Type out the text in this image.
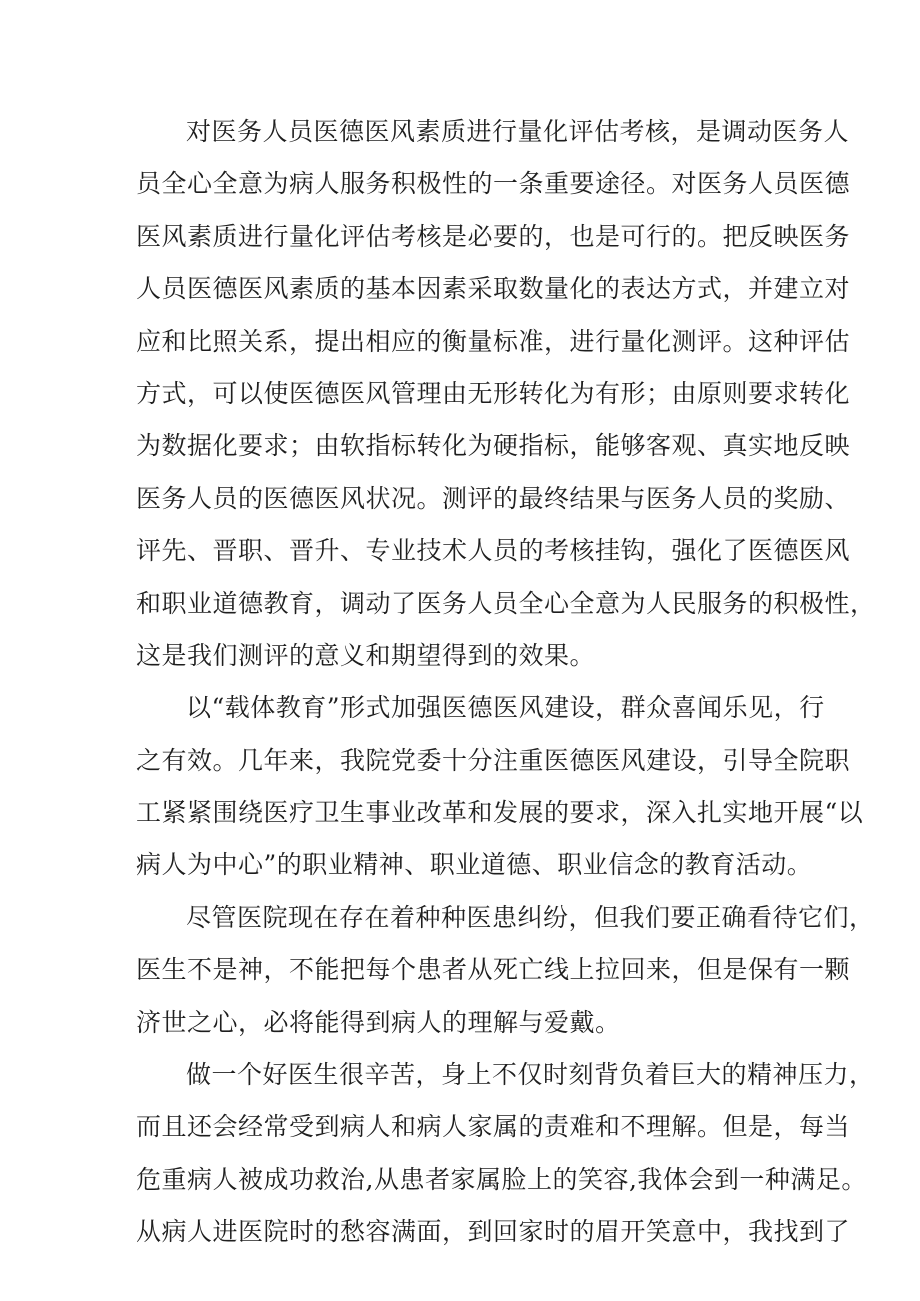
对医务人员医德医风素质进行量化评估考核，是调动医务人
员全心全意为病人服务积极性的一条重要途径。对医务人员医德
医风素质进行量化评估考核是必要的，也是可行的。把反映医务
人员医德医风素质的基本因素采取数量化的表达方式，并建立对
应和比照关系，提出相应的衡量标准，进行量化测评。这种评估
方式，可以使医德医风管理由无形转化为有形；由原则要求转化
为数据化要求；由软指标转化为硬指标，能够客观、真实地反映
医务人员的医德医风状况。测评的最终结果与医务人员的奖励、
评先、晋职、晋升、专业技术人员的考核挂钩，强化了医德医风
和职业道德教育，调动了医务人员全心全意为人民服务的积极性，
这是我们测评的意义和期望得到的效果。
以“载体教育”形式加强医德医风建设，群众喜闻乐见，行
之有效。几年来，我院党委十分注重医德医风建设，引导全院职
工紧紧围绕医疗卫生事业改革和发展的要求，深入扎实地开展“以
病人为中心”的职业精神、职业道德、职业信念的教育活动。
尽管医院现在存在着种种医患纠纷，但我们要正确看待它们，
医生不是神，不能把每个患者从死亡线上拉回来，但是保有一颗
济世之心，必将能得到病人的理解与爱戴。
做一个好医生很辛苦，身上不仅时刻背负着巨大的精神压力，
而且还会经常受到病人和病人家属的责难和不理解。但是，每当
危重病人被成功救治,从患者家属脸上的笑容,我体会到一种满足。
从病人进医院时的愁容满面，到回家时的眉开笑意中，我找到了
